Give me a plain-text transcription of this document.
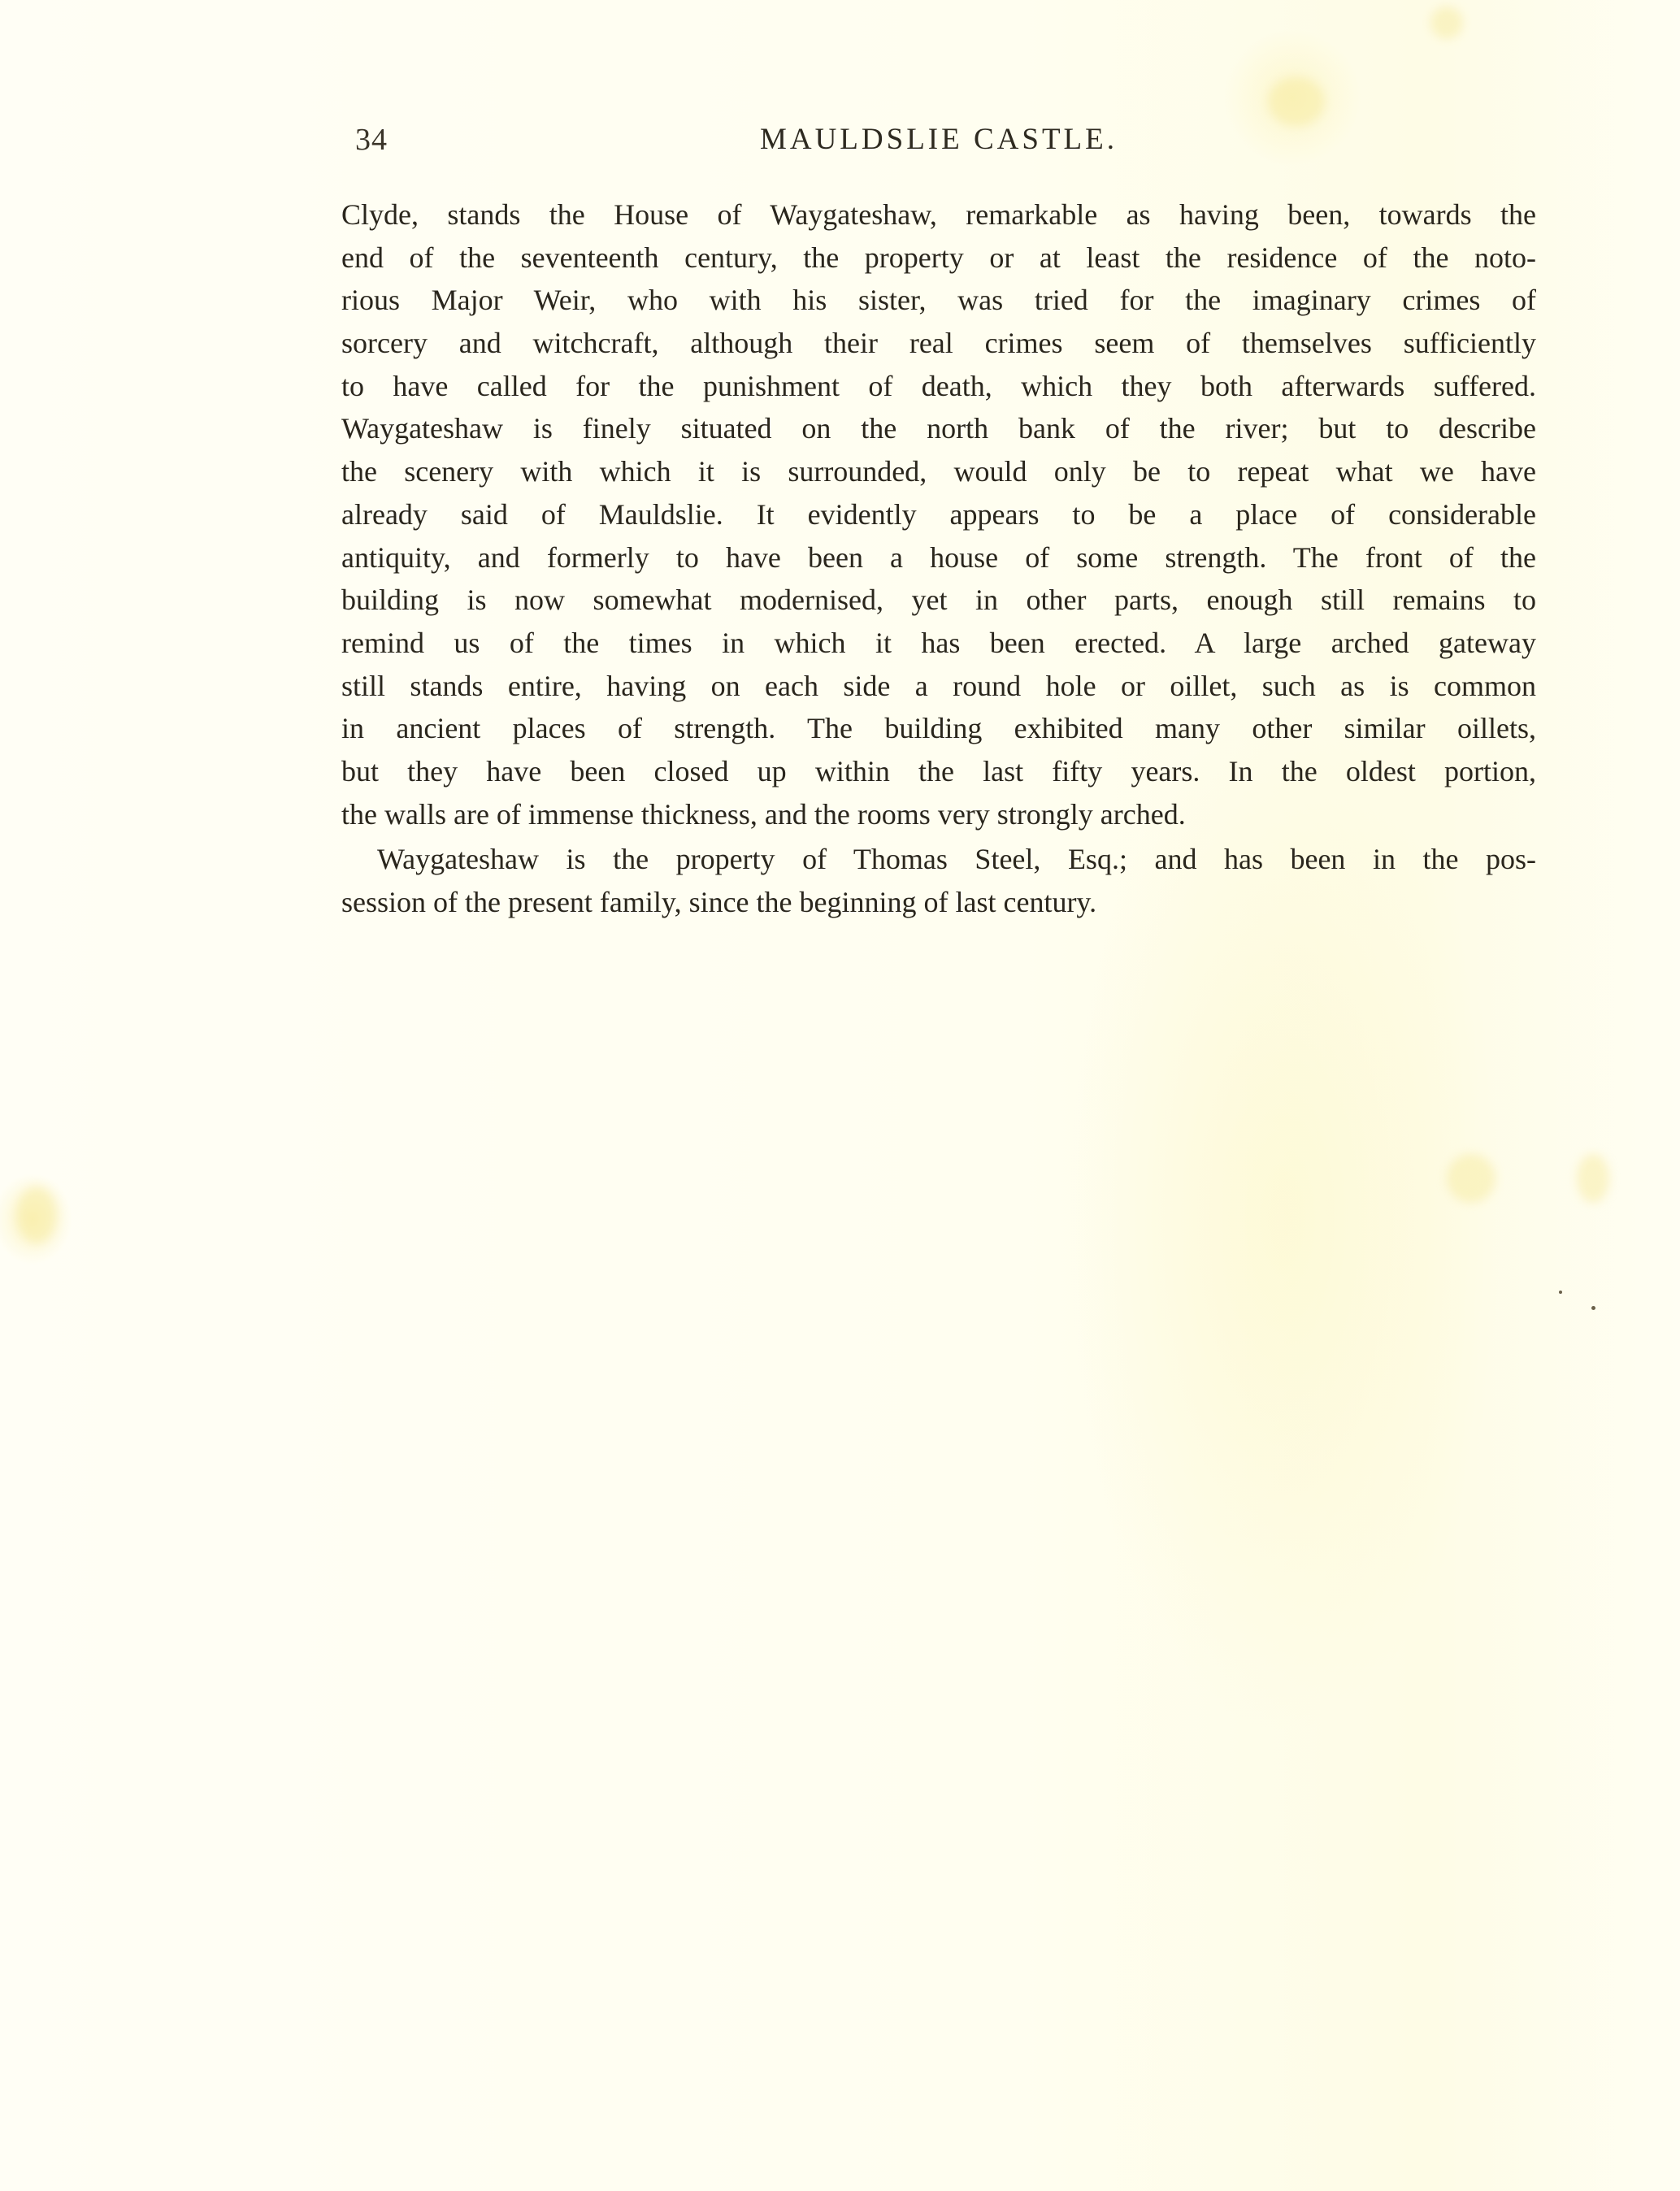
34	MAULDSLIE CASTLE.
Clyde, stands the House of Waygateshaw, remarkable as having been, towards the
end of the seventeenth century, the property or at least the residence of the noto-
rious Major Weir, who with his sister, was tried for the imaginary crimes of
sorcery and witchcraft, although their real crimes seem of themselves sufficiently
to have called for the punishment of death, which they both afterwards suffered.
Waygateshaw is finely situated on the north bank of the river; but to describe
the scenery with which it is surrounded, would only be to repeat what we have
already said of Mauldslie. It evidently appears to be a place of considerable
antiquity, and formerly to have been a house of some strength. The front of the
building is now somewhat modernised, yet in other parts, enough still remains to
remind us of the times in which it has been erected. A large arched gateway
still stands entire, having on each side a round hole or oillet, such as is common
in ancient places of strength. The building exhibited many other similar oillets,
but they have been closed up within the last fifty years. In the oldest portion,
the walls are of immense thickness, and the rooms very strongly arched.
Waygateshaw is the property of Thomas Steel, Esq.; and has been in the pos-
session of the present family, since the beginning of last century.
